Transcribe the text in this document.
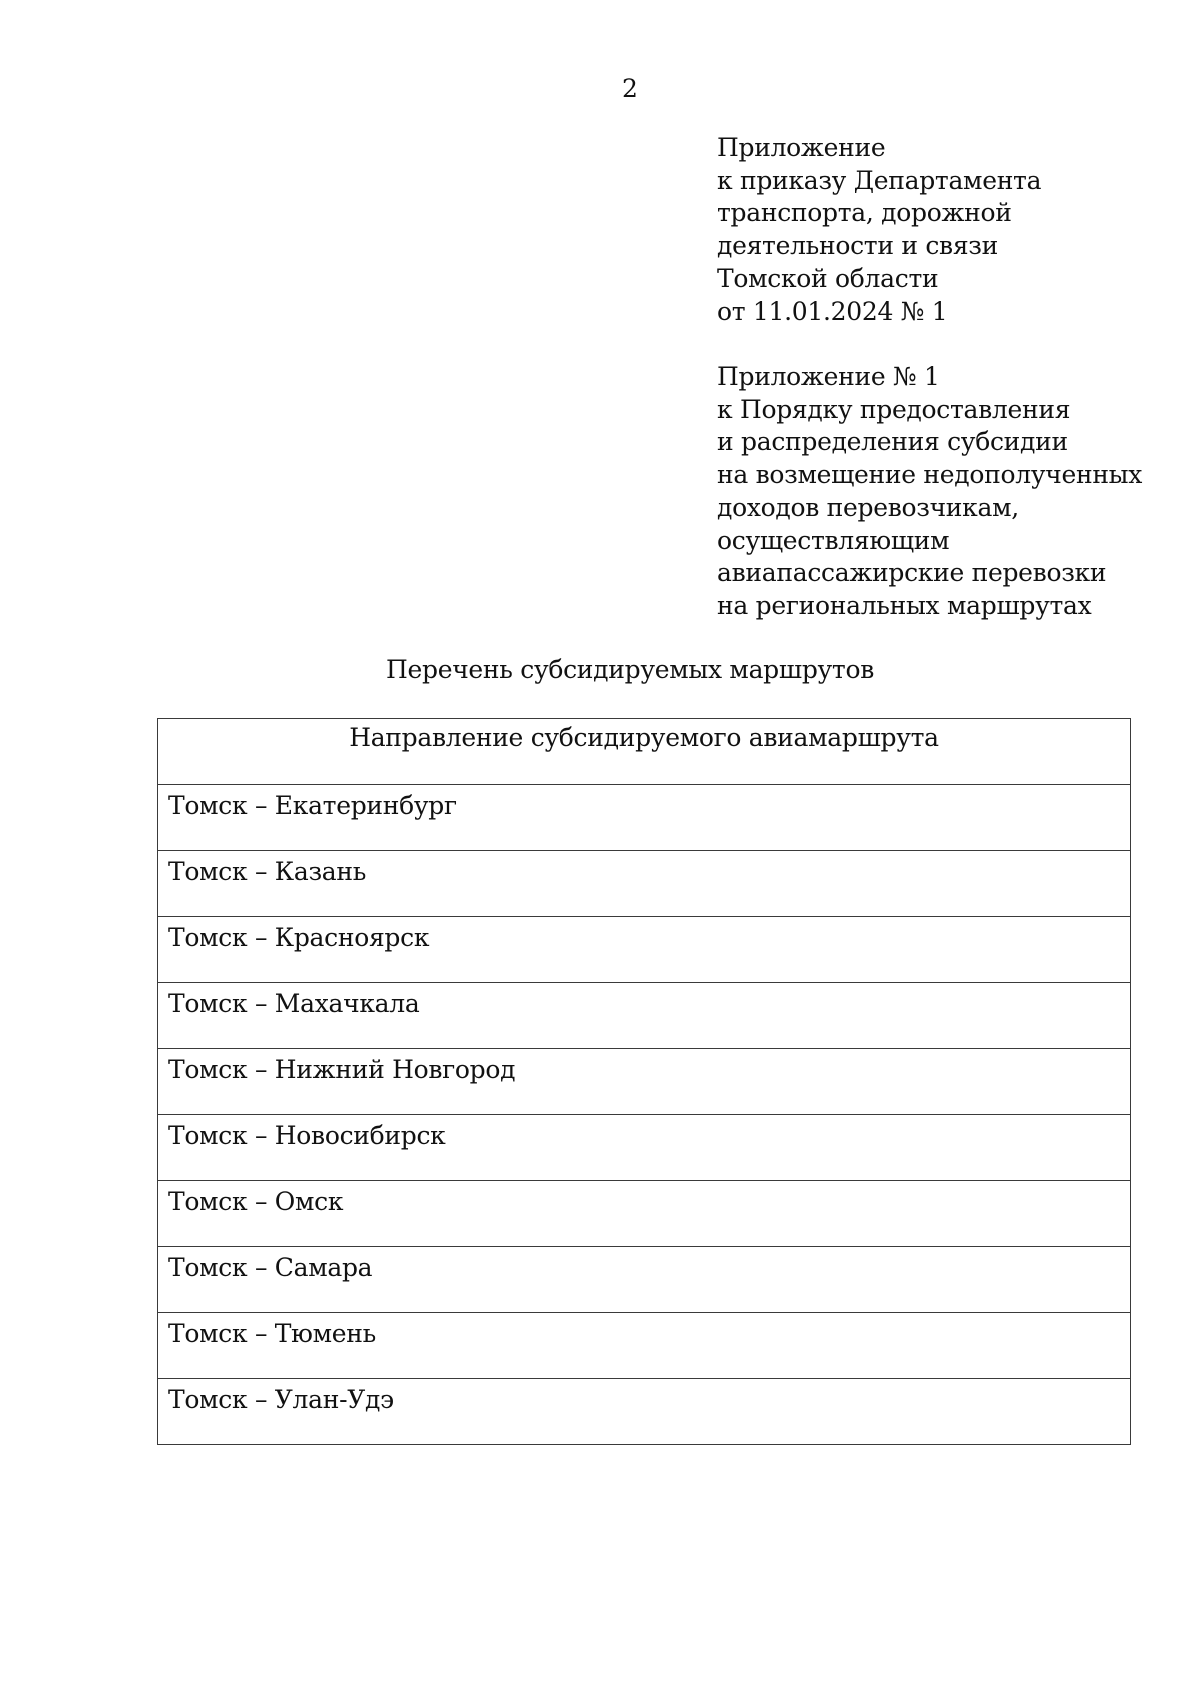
2
Приложение
к приказу Департамента
транспорта, дорожной
деятельности и связи
Томской области
от 11.01.2024 № 1
Приложение № 1
к Порядку предоставления
и распределения субсидии
на возмещение недополученных
доходов перевозчикам,
осуществляющим
авиапассажирские перевозки
на региональных маршрутах
Перечень субсидируемых маршрутов
Направление субсидируемого авиамаршрута
Томск – Екатеринбург
Томск – Казань
Томск – Красноярск
Томск – Махачкала
Томск – Нижний Новгород
Томск – Новосибирск
Томск – Омск
Томск – Самара
Томск – Тюмень
Томск – Улан-Удэ
